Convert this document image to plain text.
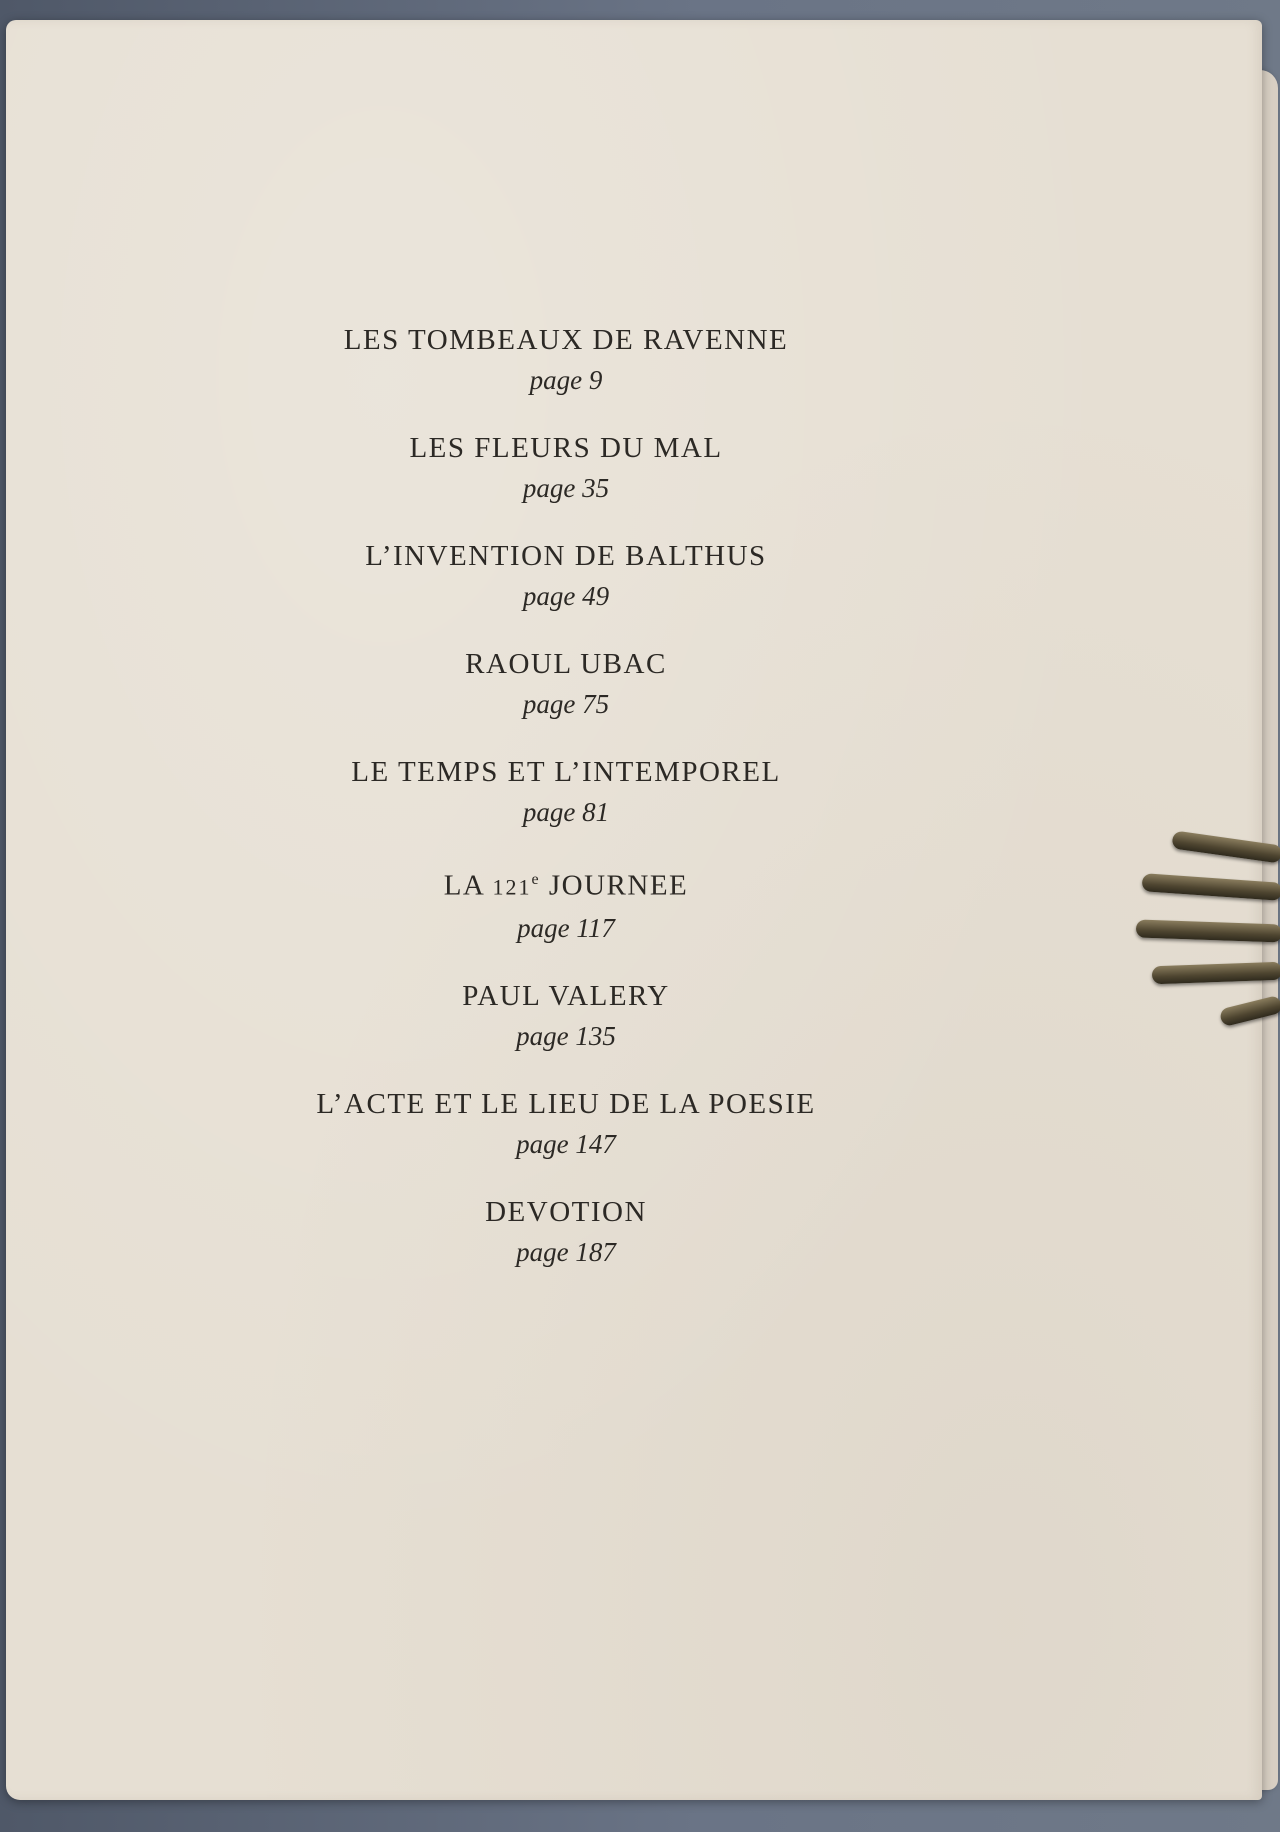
LES TOMBEAUX DE RAVENNE
page 9
LES FLEURS DU MAL
page 35
L’INVENTION DE BALTHUS
page 49
RAOUL UBAC
page 75
LE TEMPS ET L’INTEMPOREL
page 81
LA 121e JOURNEE
page 117
PAUL VALERY
page 135
L’ACTE ET LE LIEU DE LA POESIE
page 147
DEVOTION
page 187
